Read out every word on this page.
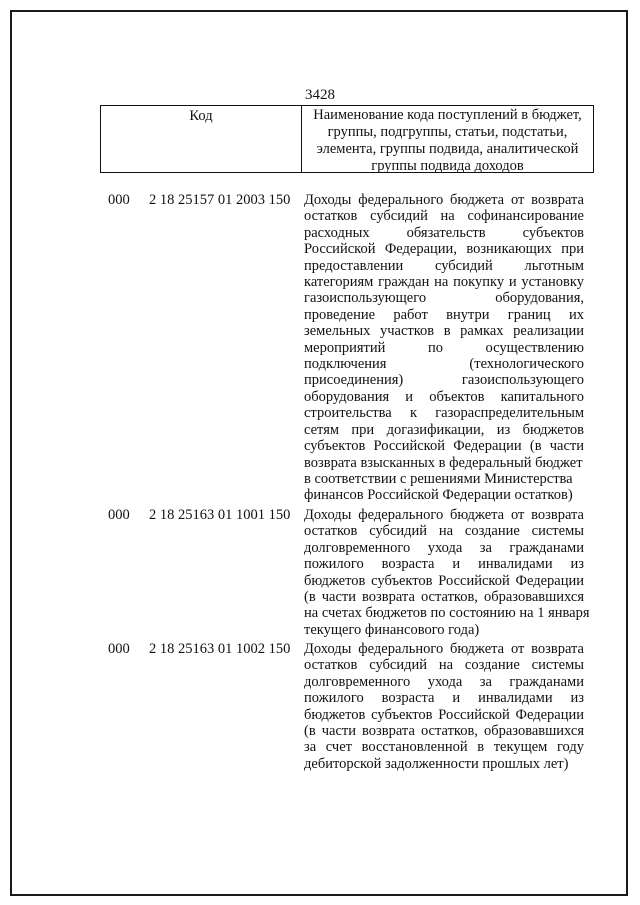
3428
Код	Наименование кода поступлений в бюджет,
группы, подгруппы, статьи, подстатьи,
элемента, группы подвида, аналитической
группы подвида доходов
000 2 18 25157 01 2003 150 Доходы федерального бюджета от возврата
остатков субсидий на софинансирование
расходных обязательств субъектов
Российской Федерации, возникающих при
предоставлении субсидий льготным
категориям граждан на покупку и установку
газоиспользующего оборудования,
проведение работ внутри границ их
земельных участков в рамках реализации
мероприятий по осуществлению
подключения (технологического
присоединения) газоиспользующего
оборудования и объектов капитального
строительства к газораспределительным
сетям при догазификации, из бюджетов
субъектов Российской Федерации (в части
возврата взысканных в федеральный бюджет
в соответствии с решениями Министерства
финансов Российской Федерации остатков)
000 2 18 25163 01 1001 150 Доходы федерального бюджета от возврата
остатков субсидий на создание системы
долговременного ухода за гражданами
пожилого возраста и инвалидами из
бюджетов субъектов Российской Федерации
(в части возврата остатков, образовавшихся
на счетах бюджетов по состоянию на 1 января
текущего финансового года)
000 2 18 25163 01 1002 150 Доходы федерального бюджета от возврата
остатков субсидий на создание системы
долговременного ухода за гражданами
пожилого возраста и инвалидами из
бюджетов субъектов Российской Федерации
(в части возврата остатков, образовавшихся
за счет восстановленной в текущем году
дебиторской задолженности прошлых лет)
